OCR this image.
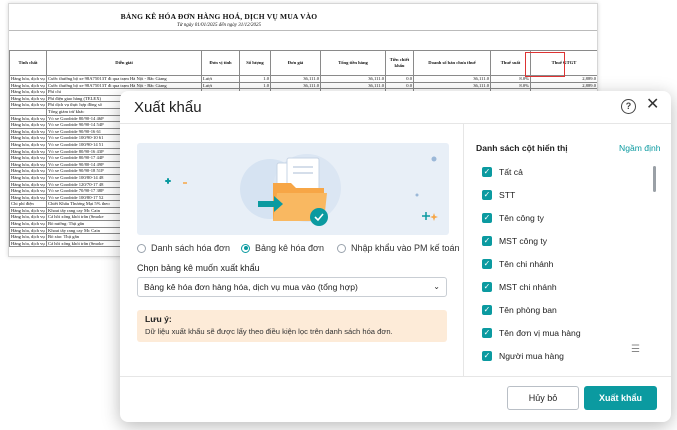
BẢNG KÊ HÓA ĐƠN HÀNG HOÁ, DỊCH VỤ MUA VÀO
Từ ngày 01/01/2025 đến ngày 31/12/2025
Tính chất	Diễn giải	Đơn vị tính	Số lượng	Đơn giá	Tổng tiền hàng	Tiền chiết khấu	Doanh số bán chưa thuế	Thuế suất	Thuế GTGT
Hàng hóa, dịch vụ	Cước thường bộ xe 98A75013T đi qua trạm Hà Nội - Bắc Giang	Lượt	1.0	36,111.0	36,111.0	0.0	36,111.0	8.0%	2,889.0
Hàng hóa, dịch vụ	Cước thường bộ xe 98A75013T đi qua trạm Hà Nội - Bắc Giang	Lượt	1.0	36,111.0	36,111.0	0.0	36,111.0	8.0%	2,889.0
Hàng hóa, dịch vụ	Phí chi								
Hàng hóa, dịch vụ	Phí điện giao hàng (TELEX)								
Hàng hóa, dịch vụ	Phí dịch vụ thực hợp đồng số								
	Tổng giảm trừ khác								
Hàng hóa, dịch vụ	Vỏ xe Goodride 80/90-14 46P								
Hàng hóa, dịch vụ	Vỏ xe Goodride 90/90-14 54P								
Hàng hóa, dịch vụ	Vỏ xe Goodride 90/90-16 61								
Hàng hóa, dịch vụ	Vỏ xe Goodride 100/90-10 61								
Hàng hóa, dịch vụ	Vỏ xe Goodride 100/90-14 51								
Hàng hóa, dịch vụ	Vỏ xe Goodride 80/90-16 43P								
Hàng hóa, dịch vụ	Vỏ xe Goodride 80/90-17 44P								
Hàng hóa, dịch vụ	Vỏ xe Goodride 90/80-14 49P								
Hàng hóa, dịch vụ	Vỏ xe Goodride 90/90-18 51P								
Hàng hóa, dịch vụ	Vỏ xe Goodride 100/80-14 48								
Hàng hóa, dịch vụ	Vỏ xe Goodride 120/70-17 48								
Hàng hóa, dịch vụ	Vỏ xe Goodride 70/90-17 38P								
Hàng hóa, dịch vụ	Vỏ xe Goodride 100/80-17 52								
Chi phí điện	Chiết Khấu Thương Mại 5% theo								
Hàng hóa, dịch vụ	Khoai tây rang cay Mc Cain								
Hàng hóa, dịch vụ	Cá hồi xông khói trần (Smoke								
Hàng hóa, dịch vụ	Bò nướng: Thịt gân								
Hàng hóa, dịch vụ	Khoai tây rang cay Mc Cain								
Hàng hóa, dịch vụ	Bò xào: Thịt gân								
Hàng hóa, dịch vụ	Cá hồi xông khói trần (Smoke								
Xuất khẩu	? ✕
Danh sách hóa đơn	Bảng kê hóa đơn	Nhập khẩu vào PM kế toán
Chọn bảng kê muốn xuất khẩu
Bảng kê hóa đơn hàng hóa, dịch vụ mua vào (tổng hợp)	⌄
Lưu ý:
Dữ liệu xuất khẩu sẽ được lấy theo điều kiện lọc trên danh sách hóa đơn.
Danh sách cột hiển thị	Ngầm định
✓ Tất cả
✓ STT
✓ Tên công ty
✓ MST công ty
✓ Tên chi nhánh
✓ MST chi nhánh
✓ Tên phòng ban
✓ Tên đơn vị mua hàng
✓ Người mua hàng
☰
Hủy bỏ	Xuất khẩu
